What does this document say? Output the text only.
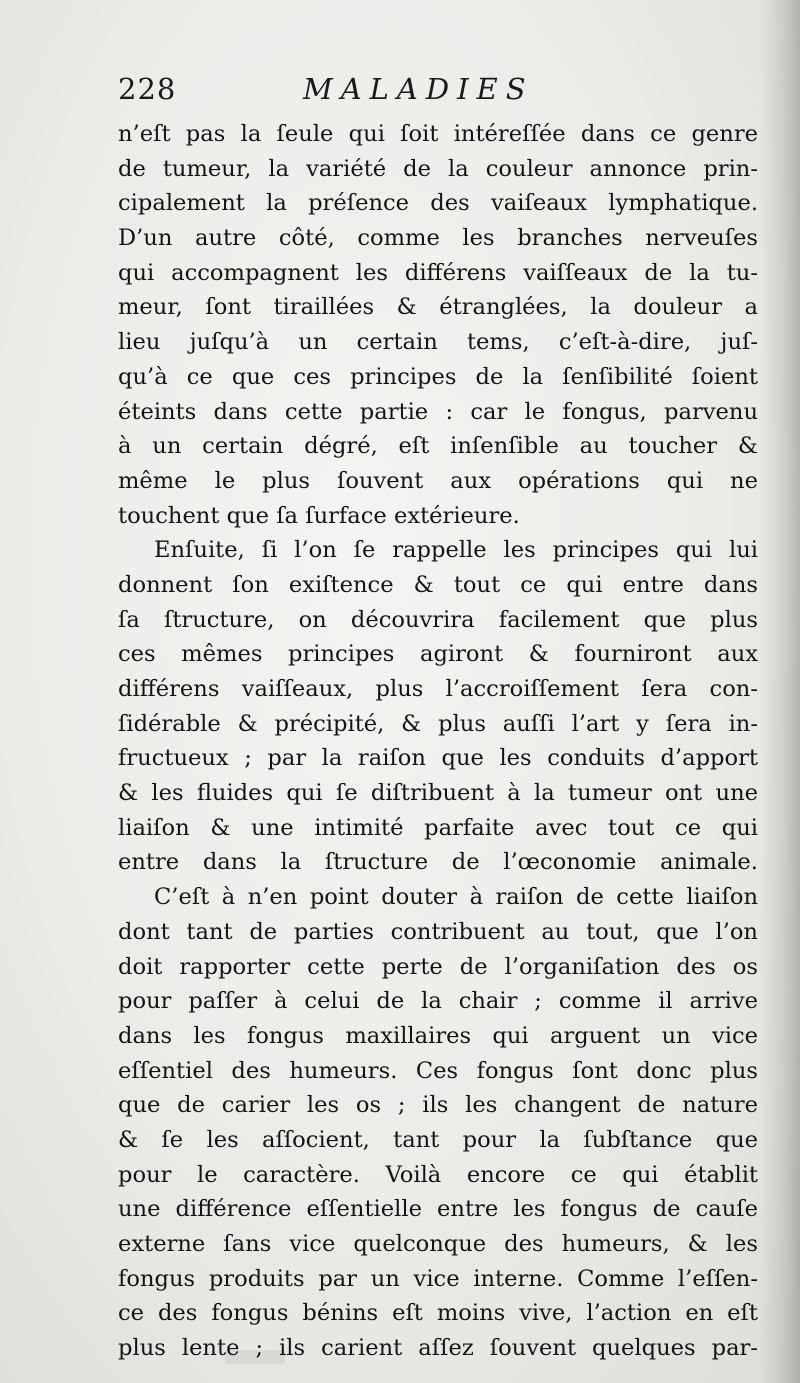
228	MALADIES
n’eſt pas la ſeule qui ſoit intéreſſée dans ce genre
de tumeur, la variété de la couleur annonce prin-
cipalement la préſence des vaiſeaux lymphatique.
D’un autre côté, comme les branches nerveuſes
qui accompagnent les différens vaiſſeaux de la tu-
meur, ſont tiraillées & étranglées, la douleur a
lieu juſqu’à un certain tems, c’eſt-à-dire, juſ-
qu’à ce que ces principes de la ſenſibilité ſoient
éteints dans cette partie : car le fongus, parvenu
à un certain dégré, eſt inſenſible au toucher &
même le plus ſouvent aux opérations qui ne
touchent que ſa ſurface extérieure.
Enſuite, ſi l’on ſe rappelle les principes qui lui
donnent ſon exiſtence & tout ce qui entre dans
ſa ſtructure, on découvrira facilement que plus
ces mêmes principes agiront & fourniront aux
différens vaiſſeaux, plus l’accroiſſement ſera con-
ſidérable & précipité, & plus auſſi l’art y ſera in-
fructueux ; par la raiſon que les conduits d’apport
& les fluides qui ſe diſtribuent à la tumeur ont une
liaiſon & une intimité parfaite avec tout ce qui
entre dans la ſtructure de l’œconomie animale.
C’eſt à n’en point douter à raiſon de cette liaiſon
dont tant de parties contribuent au tout, que l’on
doit rapporter cette perte de l’organiſation des os
pour paſſer à celui de la chair ; comme il arrive
dans les fongus maxillaires qui arguent un vice
eſſentiel des humeurs. Ces fongus ſont donc plus
que de carier les os ; ils les changent de nature
& ſe les aſſocient, tant pour la ſubſtance que
pour le caractère. Voilà encore ce qui établit
une différence eſſentielle entre les fongus de cauſe
externe ſans vice quelconque des humeurs, & les
fongus produits par un vice interne. Comme l’eſſen-
ce des fongus bénins eſt moins vive, l’action en eſt
plus lente ; ils carient aſſez ſouvent quelques par-
